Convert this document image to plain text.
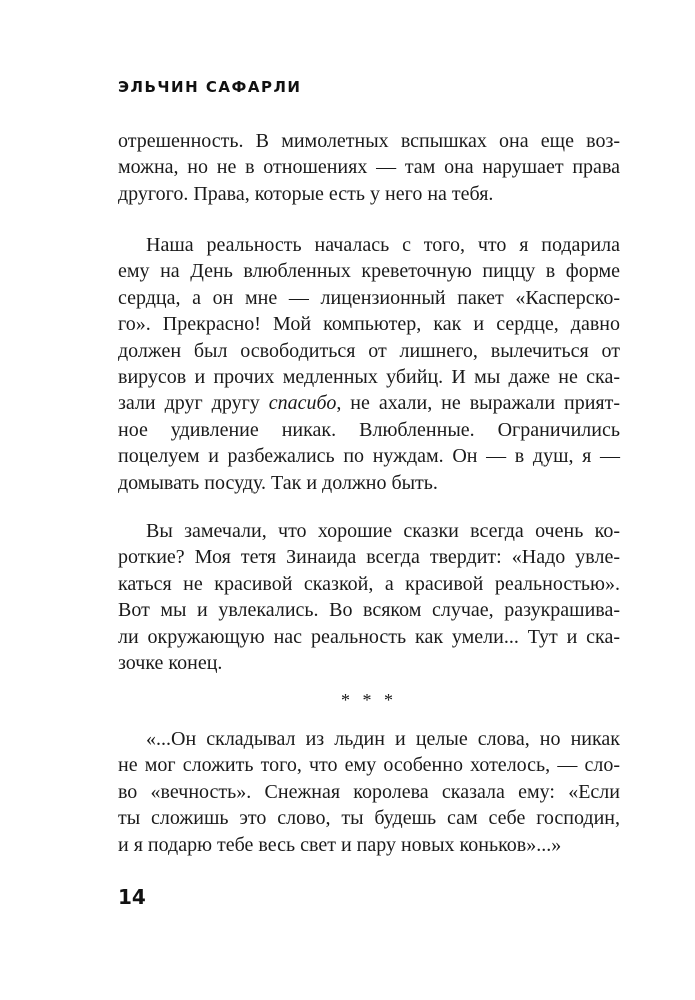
ЭЛЬЧИН САФАРЛИ
отрешенность. В мимолетных вспышках она еще воз-
можна, но не в отношениях — там она нарушает права
другого. Права, которые есть у него на тебя.
Наша реальность началась с того, что я подарила
ему на День влюбленных креветочную пиццу в форме
сердца, а он мне — лицензионный пакет «Касперско-
го». Прекрасно! Мой компьютер, как и сердце, давно
должен был освободиться от лишнего, вылечиться от
вирусов и прочих медленных убийц. И мы даже не ска-
зали друг другу спасибо, не ахали, не выражали прият-
ное удивление никак. Влюбленные. Ограничились
поцелуем и разбежались по нуждам. Он — в душ, я —
домывать посуду. Так и должно быть.
Вы замечали, что хорошие сказки всегда очень ко-
роткие? Моя тетя Зинаида всегда твердит: «Надо увле-
каться не красивой сказкой, а красивой реальностью».
Вот мы и увлекались. Во всяком случае, разукрашива-
ли окружающую нас реальность как умели... Тут и ска-
зочке конец.
* * *
«...Он складывал из льдин и целые слова, но никак
не мог сложить того, что ему особенно хотелось, — сло-
во «вечность». Снежная королева сказала ему: «Если
ты сложишь это слово, ты будешь сам себе господин,
и я подарю тебе весь свет и пару новых коньков»...»
14
